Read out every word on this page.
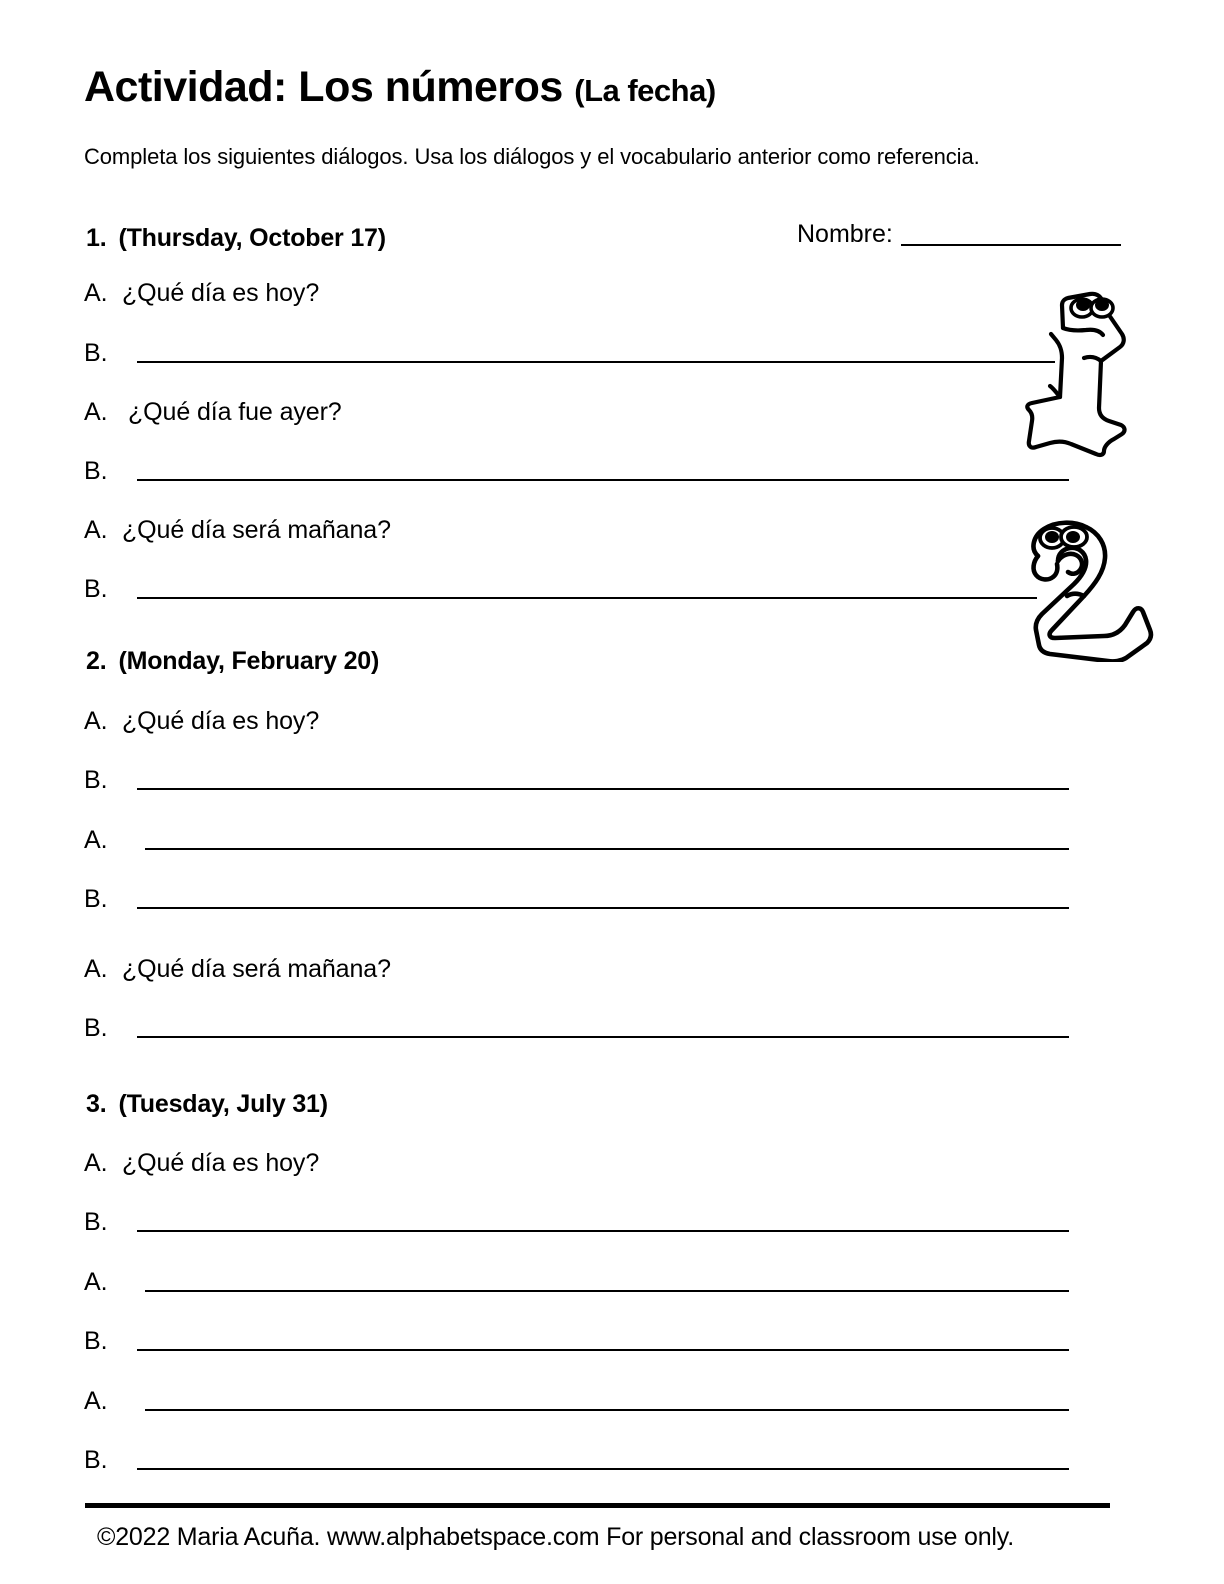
Actividad: Los números (La fecha)
Completa los siguientes diálogos. Usa los diálogos y el vocabulario anterior como referencia.
Nombre:
1. (Thursday, October 17)
A. ¿Qué día es hoy?
B.
A. ¿Qué día fue ayer?
B.
A. ¿Qué día será mañana?
B.
2. (Monday, February 20)
A. ¿Qué día es hoy?
B.
A.
B.
A. ¿Qué día será mañana?
B.
3. (Tuesday, July 31)
A. ¿Qué día es hoy?
B.
A.
B.
A.
B.
©2022 Maria Acuña. www.alphabetspace.com For personal and classroom use only.
